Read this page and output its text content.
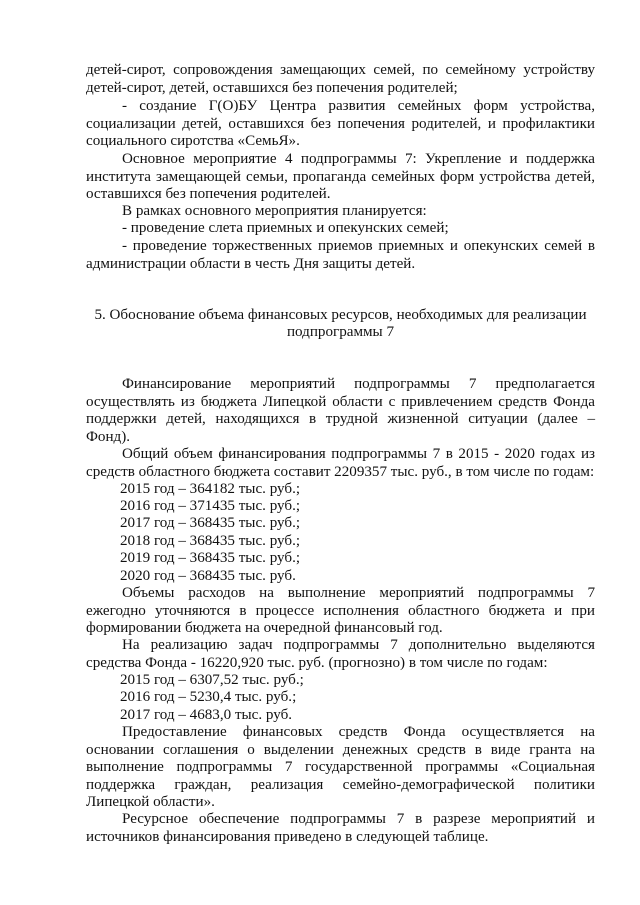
детей-сирот, сопровождения замещающих семей, по семейному устройству детей-сирот, детей, оставшихся без попечения родителей;

- создание Г(О)БУ Центра развития семейных форм устройства, социализации детей, оставшихся без попечения родителей, и профилактики социального сиротства «СемьЯ».

Основное мероприятие 4 подпрограммы 7: Укрепление и поддержка института замещающей семьи, пропаганда семейных форм устройства детей, оставшихся без попечения родителей.

В рамках основного мероприятия планируется:

- проведение слета приемных и опекунских семей;

- проведение торжественных приемов приемных и опекунских семей в администрации области в честь Дня защиты детей.

5. Обоснование объема финансовых ресурсов, необходимых для реализации

подпрограммы 7

Финансирование мероприятий подпрограммы 7 предполагается осуществлять из бюджета Липецкой области с привлечением средств Фонда поддержки детей, находящихся в трудной жизненной ситуации (далее – Фонд).

Общий объем финансирования подпрограммы 7 в 2015 - 2020 годах из средств областного бюджета составит 2209357 тыс. руб., в том числе по годам:

2015 год – 364182 тыс. руб.;

2016 год – 371435 тыс. руб.;

2017 год – 368435 тыс. руб.;

2018 год – 368435 тыс. руб.;

2019 год – 368435 тыс. руб.;

2020 год – 368435 тыс. руб.

Объемы расходов на выполнение мероприятий подпрограммы 7 ежегодно уточняются в процессе исполнения областного бюджета и при формировании бюджета на очередной финансовый год.

На реализацию задач подпрограммы 7 дополнительно выделяются средства Фонда - 16220,920 тыс. руб. (прогнозно) в том числе по годам:

2015 год – 6307,52 тыс. руб.;

2016 год – 5230,4 тыс. руб.;

2017 год – 4683,0 тыс. руб.

Предоставление финансовых средств Фонда осуществляется на основании соглашения о выделении денежных средств в виде гранта на выполнение подпрограммы 7 государственной программы «Социальная поддержка граждан, реализация семейно-демографической политики Липецкой области».

Ресурсное обеспечение подпрограммы 7 в разрезе мероприятий и источников финансирования приведено в следующей таблице.
